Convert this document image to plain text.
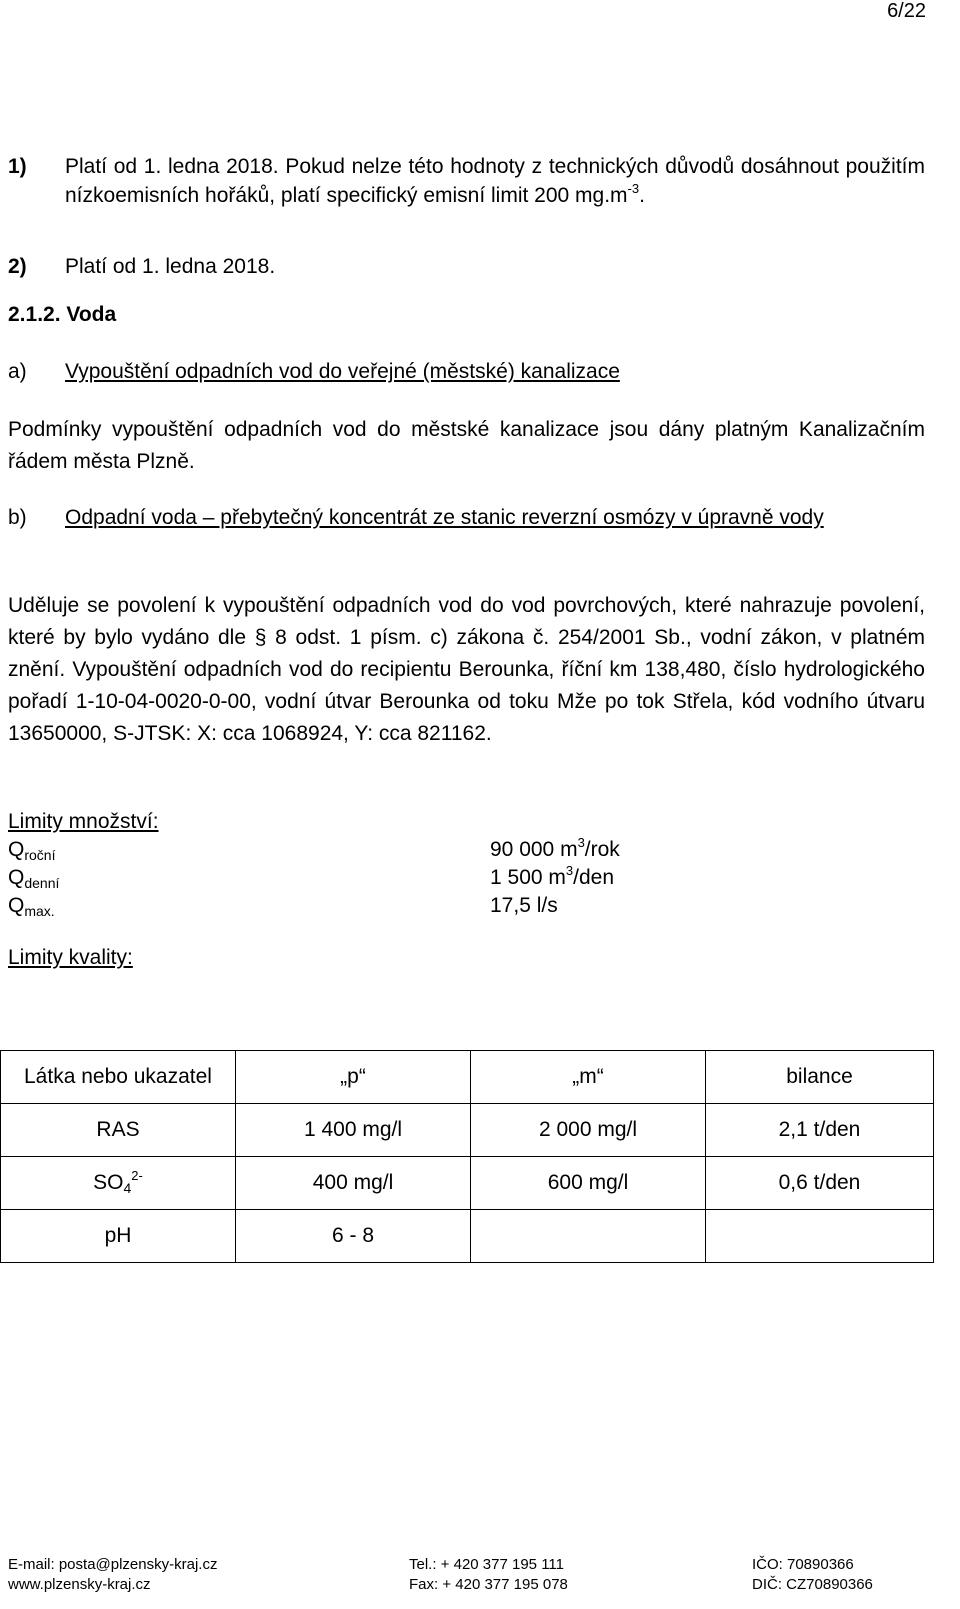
6/22
1) Platí od 1. ledna 2018. Pokud nelze této hodnoty z technických důvodů dosáhnout použitím nízkoemisních hořáků, platí specifický emisní limit 200 $mg.m^{-3}$.
2) Platí od 1. ledna 2018.
2.1.2. Voda
a) Vypouštění odpadních vod do veřejné (městské) kanalizace
Podmínky vypouštění odpadních vod do městské kanalizace jsou dány platným Kanalizačním řádem města Plzně.
b) Odpadní voda – přebytečný koncentrát ze stanic reverzní osmózy v úpravně vody
Uděluje se povolení k vypouštění odpadních vod do vod povrchových, které nahrazuje povolení, které by bylo vydáno dle § 8 odst. 1 písm. c) zákona č. 254/2001 Sb., vodní zákon, v platném znění. Vypouštění odpadních vod do recipientu Berounka, říční km 138,480, číslo hydrologického pořadí 1-10-04-0020-0-00, vodní útvar Berounka od toku Mže po tok Střela, kód vodního útvaru 13650000, S-JTSK: X: cca 1068924, Y: cca 821162.
Limity množství:
$Q_{roční}$	90 000 $m^3$/rok
$Q_{denní}$	1 500 $m^3$/den
$Q_{max.}$	17,5 l/s
Limity kvality:
Látka nebo ukazatel	„p“	„m“	bilance
RAS	1 400 mg/l	2 000 mg/l	2,1 t/den
$SO_4^{2-}$	400 mg/l	600 mg/l	0,6 t/den
pH	6 - 8		
E-mail: posta@plzensky-kraj.cz
www.plzensky-kraj.cz
Tel.: + 420 377 195 111
Fax: + 420 377 195 078
IČO: 70890366
DIČ: CZ70890366
